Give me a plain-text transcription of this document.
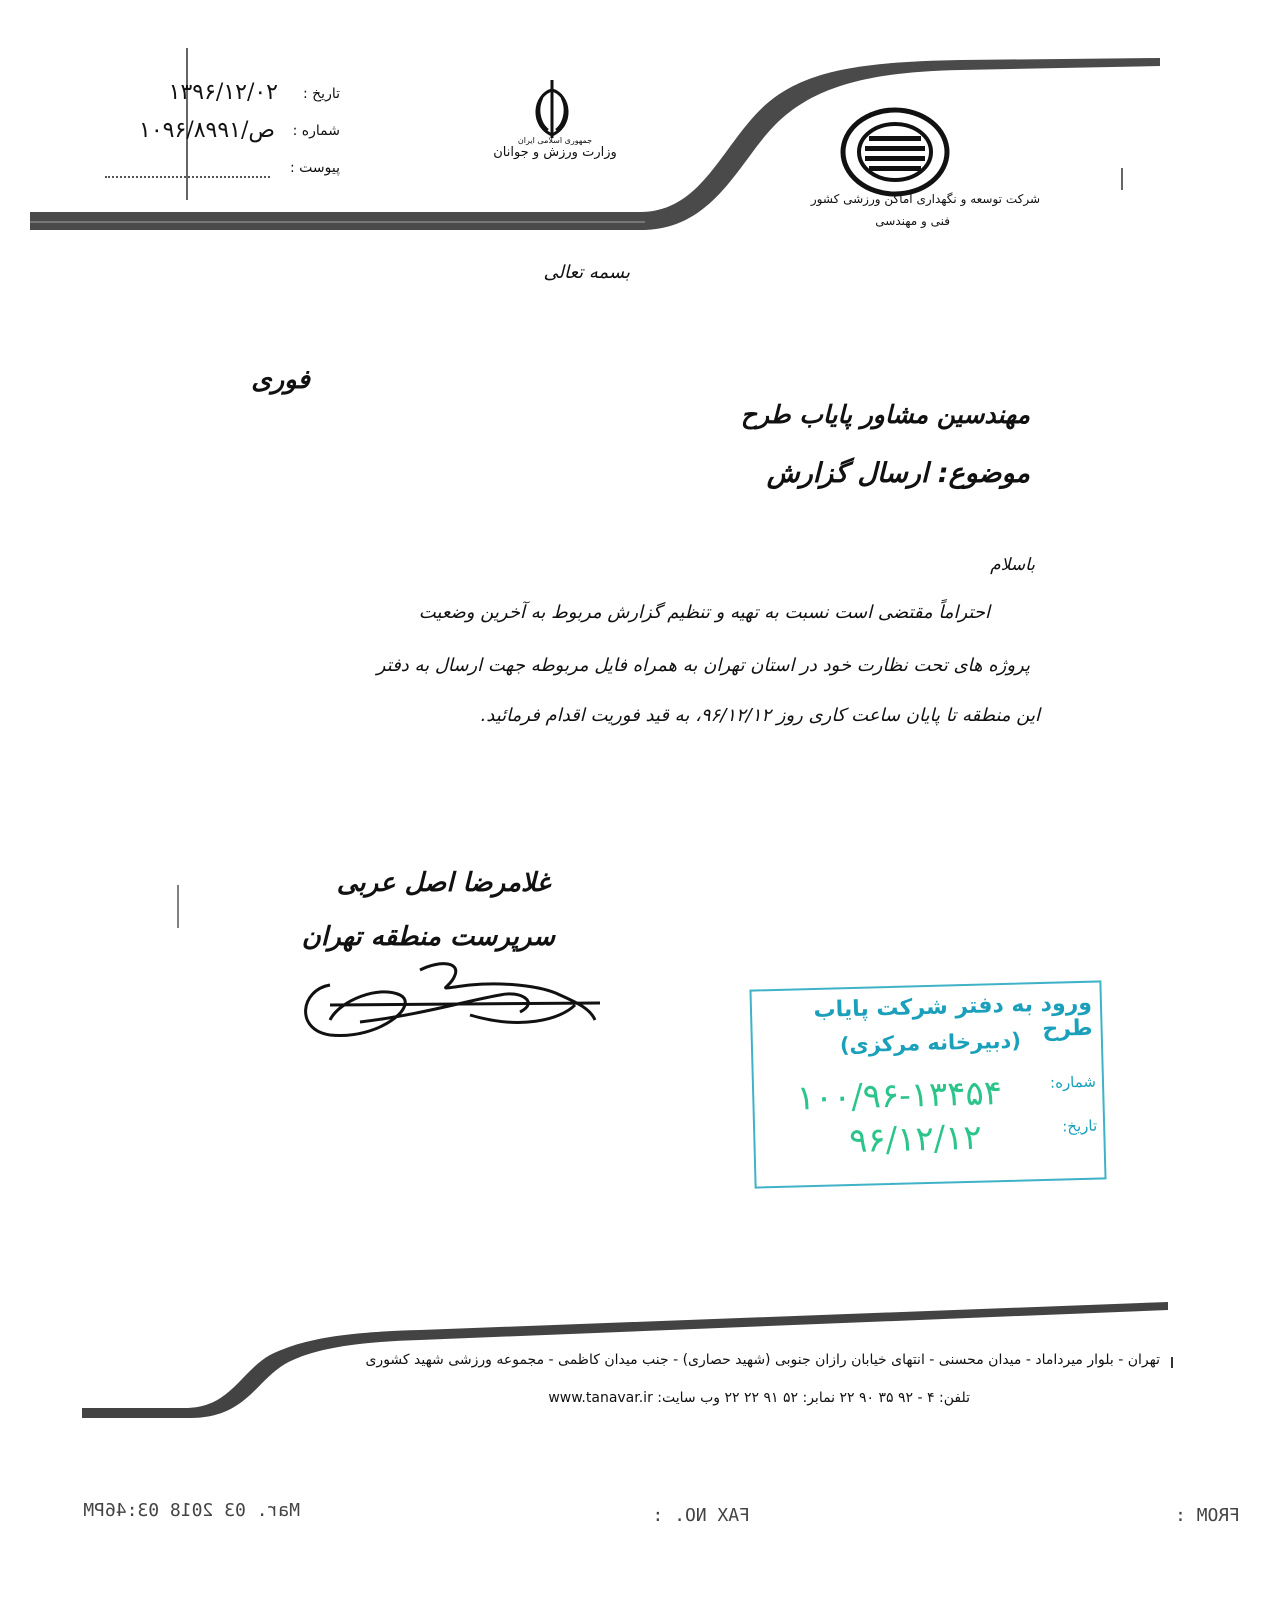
تاریخ :
۱۳۹۶/۱۲/۰۲
شماره :
۱۰۹۶/۸۹۹۱/ص
پیوست :
جمهوری اسلامی ایران
وزارت ورزش و جوانان
شرکت توسعه و نگهداری اماکن ورزشی کشور
فنی و مهندسی
بسمه تعالی
فوری
مهندسین مشاور پایاب طرح
موضوع: ارسال گزارش
باسلام
احتراماً مقتضی است نسبت به تهیه و تنظیم گزارش مربوط به آخرین وضعیت
پروژه های تحت نظارت خود در استان تهران به همراه فایل مربوطه جهت ارسال به دفتر
این منطقه تا پایان ساعت کاری روز ۹۶/۱۲/۱۲، به قید فوریت اقدام فرمائید.
غلامرضا اصل عربی
سرپرست منطقه تهران
ورود به دفتر شرکت پایاب طرح
(دبیرخانه مرکزی)
شماره:
۱۰۰/۹۶-۱۳۴۵۴
تاریخ:
۹۶/۱۲/۱۲
تهران - بلوار میرداماد - میدان محسنی - انتهای خیابان رازان جنوبی (شهید حصاری) - جنب میدان کاظمی - مجموعه ورزشی شهید کشوری
تلفن: ۴ - ۹۲ ۳۵ ۹۰ ۲۲ نمابر: ۵۲ ۹۱ ۲۲ ۲۲ وب سایت: www.tanavar.ir
Mar. 03 2018 03:46PM	FAX NO. :	FROM :
